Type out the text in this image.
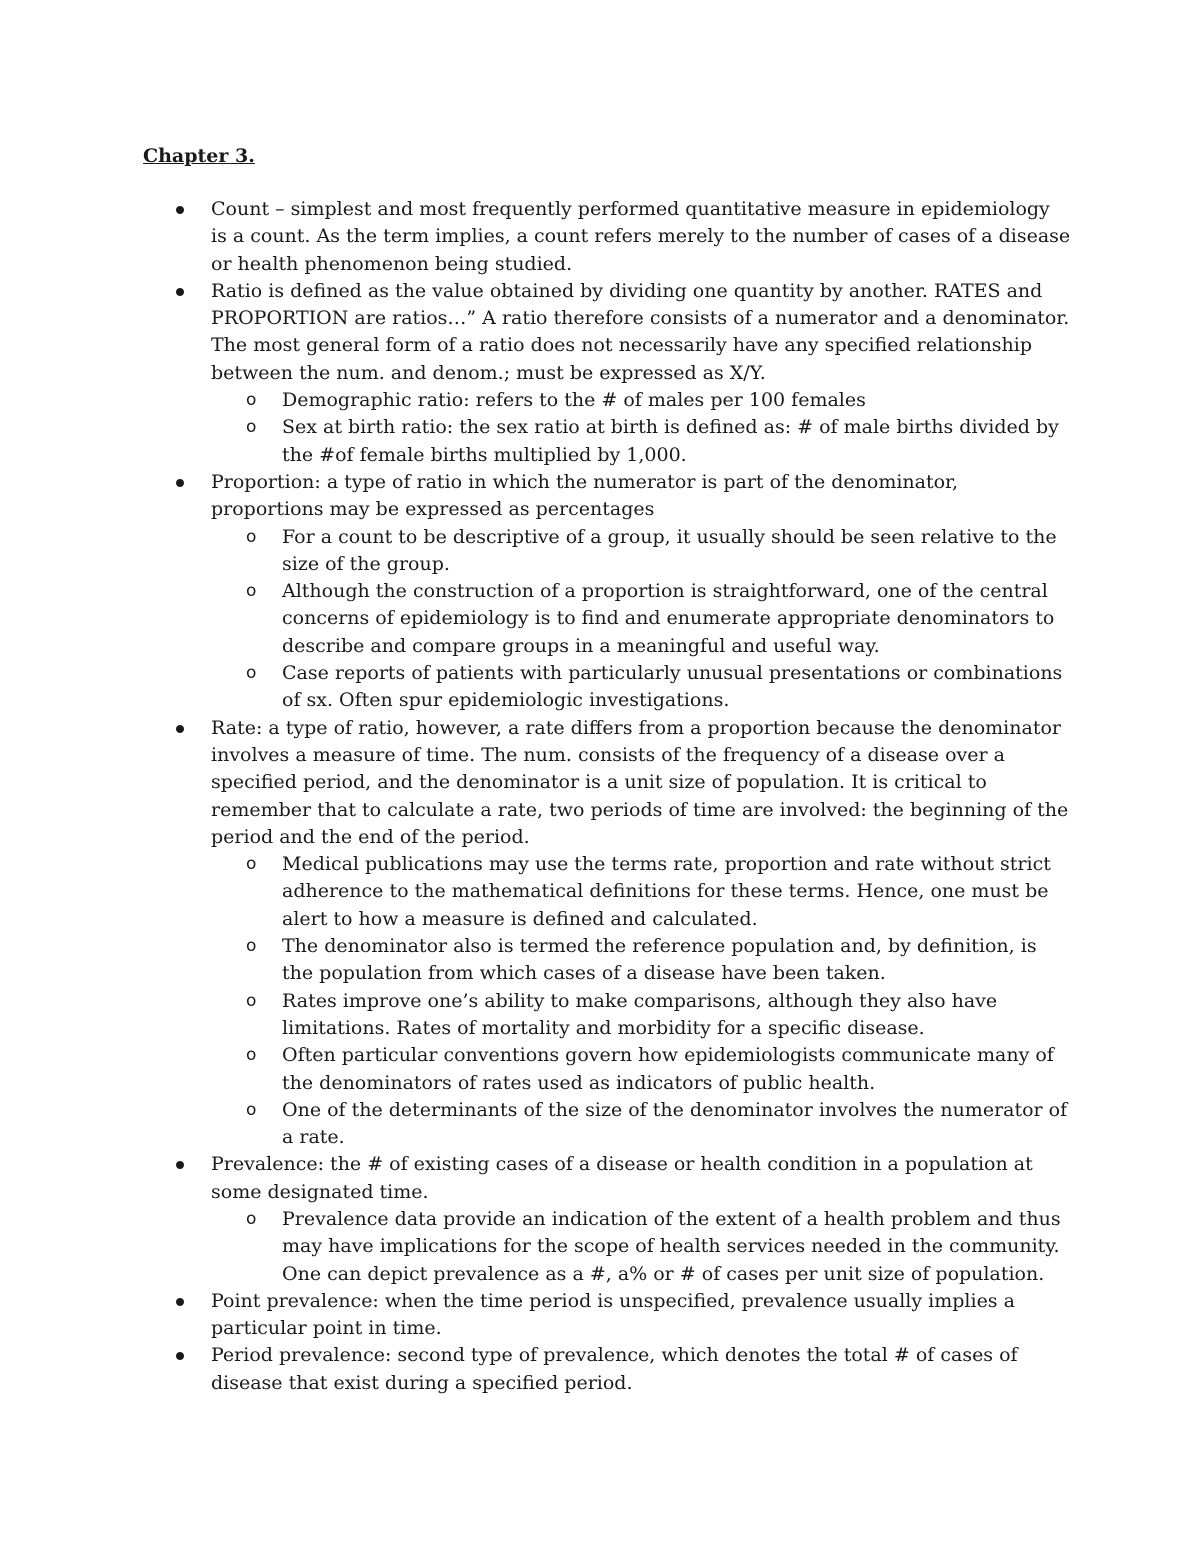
Chapter 3.
Count – simplest and most frequently performed quantitative measure in epidemiology is a count. As the term implies, a count refers merely to the number of cases of a disease or health phenomenon being studied.
Ratio is defined as the value obtained by dividing one quantity by another. RATES and PROPORTION are ratios…” A ratio therefore consists of a numerator and a denominator. The most general form of a ratio does not necessarily have any specified relationship between the num. and denom.; must be expressed as X/Y.
o Demographic ratio: refers to the # of males per 100 females
o Sex at birth ratio: the sex ratio at birth is defined as: # of male births divided by the #of female births multiplied by 1,000.
Proportion: a type of ratio in which the numerator is part of the denominator, proportions may be expressed as percentages
o For a count to be descriptive of a group, it usually should be seen relative to the size of the group.
o Although the construction of a proportion is straightforward, one of the central concerns of epidemiology is to find and enumerate appropriate denominators to describe and compare groups in a meaningful and useful way.
o Case reports of patients with particularly unusual presentations or combinations of sx. Often spur epidemiologic investigations.
Rate: a type of ratio, however, a rate differs from a proportion because the denominator involves a measure of time. The num. consists of the frequency of a disease over a specified period, and the denominator is a unit size of population. It is critical to remember that to calculate a rate, two periods of time are involved: the beginning of the period and the end of the period.
o Medical publications may use the terms rate, proportion and rate without strict adherence to the mathematical definitions for these terms. Hence, one must be alert to how a measure is defined and calculated.
o The denominator also is termed the reference population and, by definition, is the population from which cases of a disease have been taken.
o Rates improve one’s ability to make comparisons, although they also have limitations. Rates of mortality and morbidity for a specific disease.
o Often particular conventions govern how epidemiologists communicate many of the denominators of rates used as indicators of public health.
o One of the determinants of the size of the denominator involves the numerator of a rate.
Prevalence: the # of existing cases of a disease or health condition in a population at some designated time.
o Prevalence data provide an indication of the extent of a health problem and thus may have implications for the scope of health services needed in the community. One can depict prevalence as a #, a% or # of cases per unit size of population.
Point prevalence: when the time period is unspecified, prevalence usually implies a particular point in time.
Period prevalence: second type of prevalence, which denotes the total # of cases of disease that exist during a specified period.
